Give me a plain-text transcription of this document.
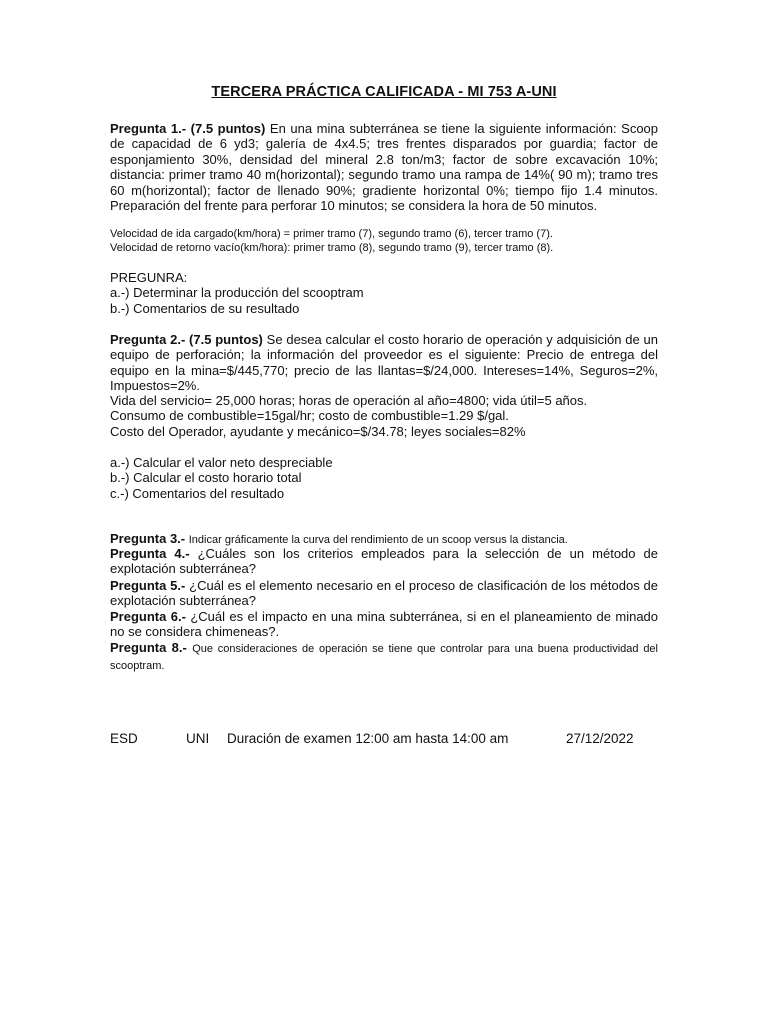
TERCERA PRÁCTICA CALIFICADA - MI 753 A-UNI
Pregunta 1.- (7.5 puntos) En una mina subterránea se tiene la siguiente información: Scoop de capacidad de 6 yd3; galería de 4x4.5; tres frentes disparados por guardia; factor de esponjamiento 30%, densidad del mineral 2.8 ton/m3; factor de sobre excavación 10%; distancia: primer tramo 40 m(horizontal); segundo tramo una rampa de 14%( 90 m); tramo tres 60 m(horizontal); factor de llenado 90%; gradiente horizontal 0%; tiempo fijo 1.4 minutos. Preparación del frente para perforar 10 minutos; se considera la hora de 50 minutos.
Velocidad de ida cargado(km/hora) = primer tramo (7), segundo tramo (6), tercer tramo (7).
Velocidad de retorno vacío(km/hora): primer tramo (8), segundo tramo (9), tercer tramo (8).
PREGUNRA:
a.-) Determinar la producción del scooptram
b.-) Comentarios de su resultado
Pregunta 2.- (7.5 puntos) Se desea calcular el costo horario de operación y adquisición de un equipo de perforación; la información del proveedor es el siguiente: Precio de entrega del equipo en la mina=$/445,770; precio de las llantas=$/24,000. Intereses=14%, Seguros=2%, Impuestos=2%.
Vida del servicio= 25,000 horas; horas de operación al año=4800; vida útil=5 años.
Consumo de combustible=15gal/hr; costo de combustible=1.29 $/gal.
Costo del Operador, ayudante y mecánico=$/34.78; leyes sociales=82%
a.-) Calcular el valor neto despreciable
b.-) Calcular el costo horario total
c.-) Comentarios del resultado
Pregunta 3.- Indicar gráficamente la curva del rendimiento de un scoop versus la distancia.
Pregunta 4.- ¿Cuáles son los criterios empleados para la selección de un método de explotación subterránea?
Pregunta 5.- ¿Cuál es el elemento necesario en el proceso de clasificación de los métodos de explotación subterránea?
Pregunta 6.- ¿Cuál es el impacto en una mina subterránea, si en el planeamiento de minado no se considera chimeneas?.
Pregunta 8.- Que consideraciones de operación se tiene que controlar para una buena productividad del scooptram.
ESD	UNI Duración de examen 12:00 am hasta 14:00 am	27/12/2022
